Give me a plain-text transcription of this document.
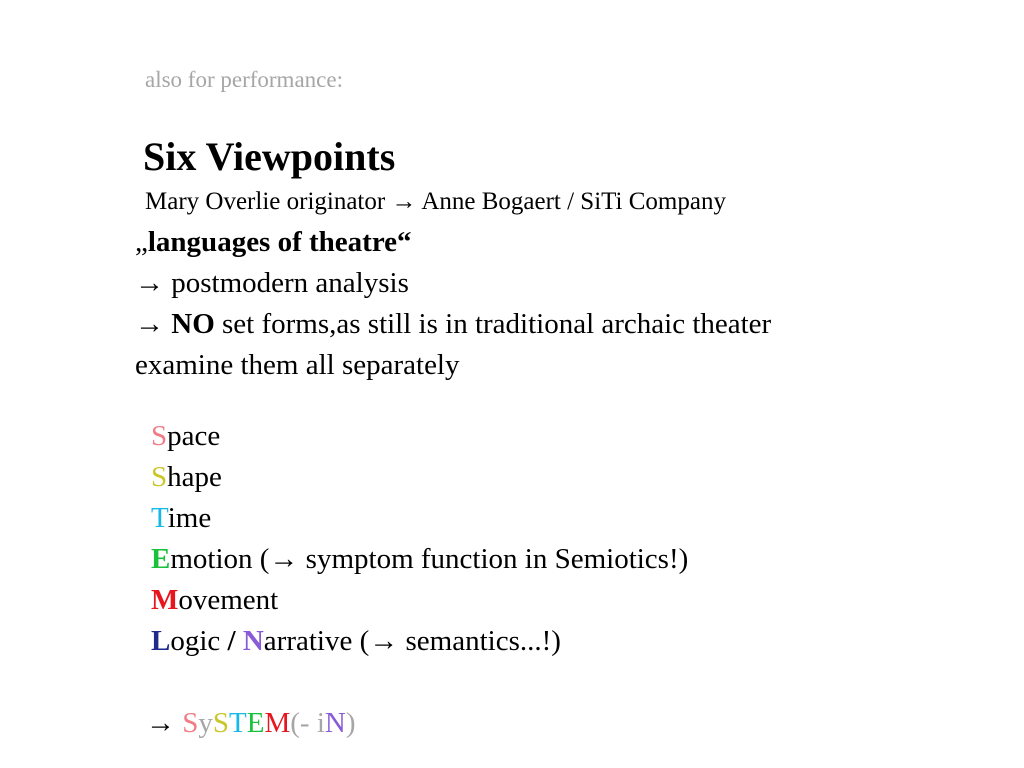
also for performance:
Six Viewpoints
Mary Overlie originator → Anne Bogaert / SiTi Company
„languages of theatre“
→ postmodern analysis
→ NO set forms,as still is in traditional archaic theater
examine them all separately
Space
Shape
Time
Emotion (→ symptom function in Semiotics!)
Movement
Logic / Narrative (→ semantics...!)
→ SySTEM(- iN)
